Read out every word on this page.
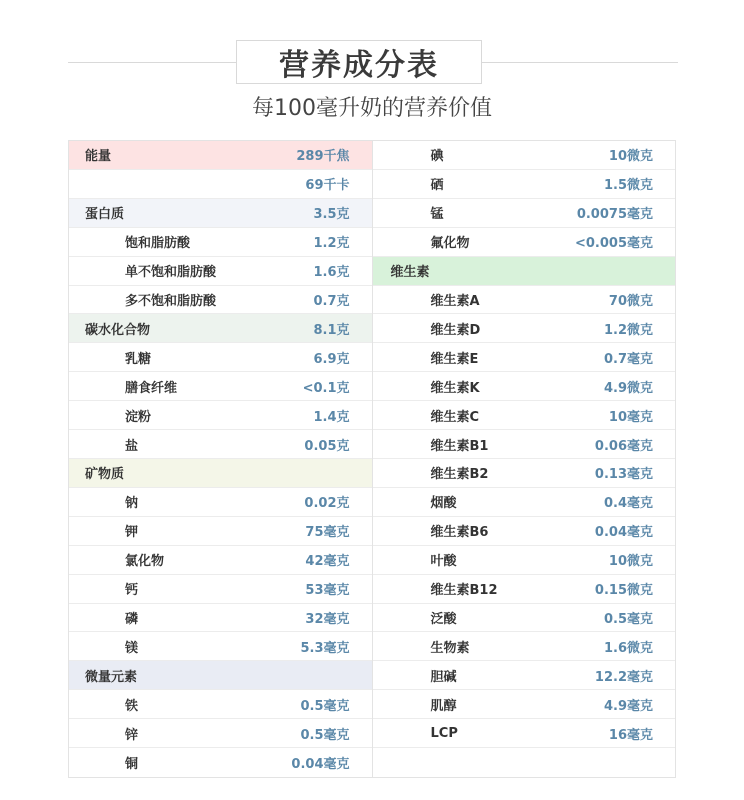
营养成分表
每100毫升奶的营养价值
能量	289千焦
69千卡
蛋白质	3.5克
饱和脂肪酸	1.2克
单不饱和脂肪酸	1.6克
多不饱和脂肪酸	0.7克
碳水化合物	8.1克
乳糖	6.9克
膳食纤维	<0.1克
淀粉	1.4克
盐	0.05克
矿物质
钠	0.02克
钾	75毫克
氯化物	42毫克
钙	53毫克
磷	32毫克
镁	5.3毫克
微量元素
铁	0.5毫克
锌	0.5毫克
铜	0.04毫克
碘	10微克
硒	1.5微克
锰	0.0075毫克
氟化物	<0.005毫克
维生素
维生素A	70微克
维生素D	1.2微克
维生素E	0.7毫克
维生素K	4.9微克
维生素C	10毫克
维生素B1	0.06毫克
维生素B2	0.13毫克
烟酸	0.4毫克
维生素B6	0.04毫克
叶酸	10微克
维生素B12	0.15微克
泛酸	0.5毫克
生物素	1.6微克
胆碱	12.2毫克
肌醇	4.9毫克
LCP	16毫克
